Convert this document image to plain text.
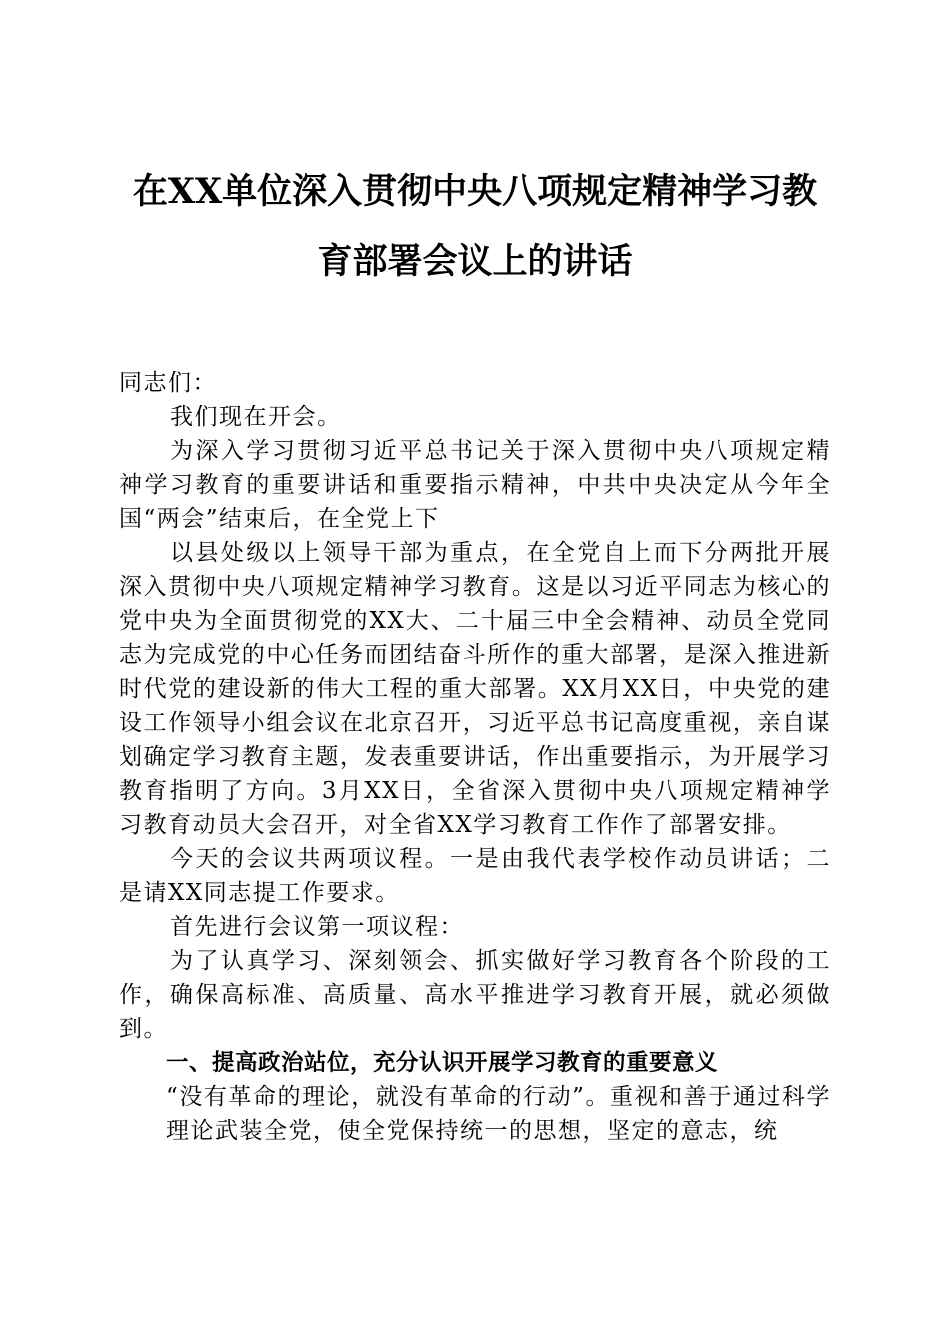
在XX单位深入贯彻中央八项规定精神学习教
育部署会议上的讲话

同志们：

我们现在开会。

为深入学习贯彻习近平总书记关于深入贯彻中央八项规定精神学习教育的重要讲话和重要指示精神，中共中央决定从今年全国“两会”结束后，在全党上下

以县处级以上领导干部为重点，在全党自上而下分两批开展深入贯彻中央八项规定精神学习教育。这是以习近平同志为核心的党中央为全面贯彻党的XX大、二十届三中全会精神、动员全党同志为完成党的中心任务而团结奋斗所作的重大部署，是深入推进新时代党的建设新的伟大工程的重大部署。XX月XX日，中央党的建设工作领导小组会议在北京召开，习近平总书记高度重视，亲自谋划确定学习教育主题，发表重要讲话，作出重要指示，为开展学习教育指明了方向。3月XX日，全省深入贯彻中央八项规定精神学习教育动员大会召开，对全省XX学习教育工作作了部署安排。

今天的会议共两项议程。一是由我代表学校作动员讲话；二是请XX同志提工作要求。

首先进行会议第一项议程：

为了认真学习、深刻领会、抓实做好学习教育各个阶段的工作，确保高标准、高质量、高水平推进学习教育开展，就必须做到。

一、提高政治站位，充分认识开展学习教育的重要意义

“没有革命的理论，就没有革命的行动”。重视和善于通过科学理论武装全党，使全党保持统一的思想，坚定的意志，统
